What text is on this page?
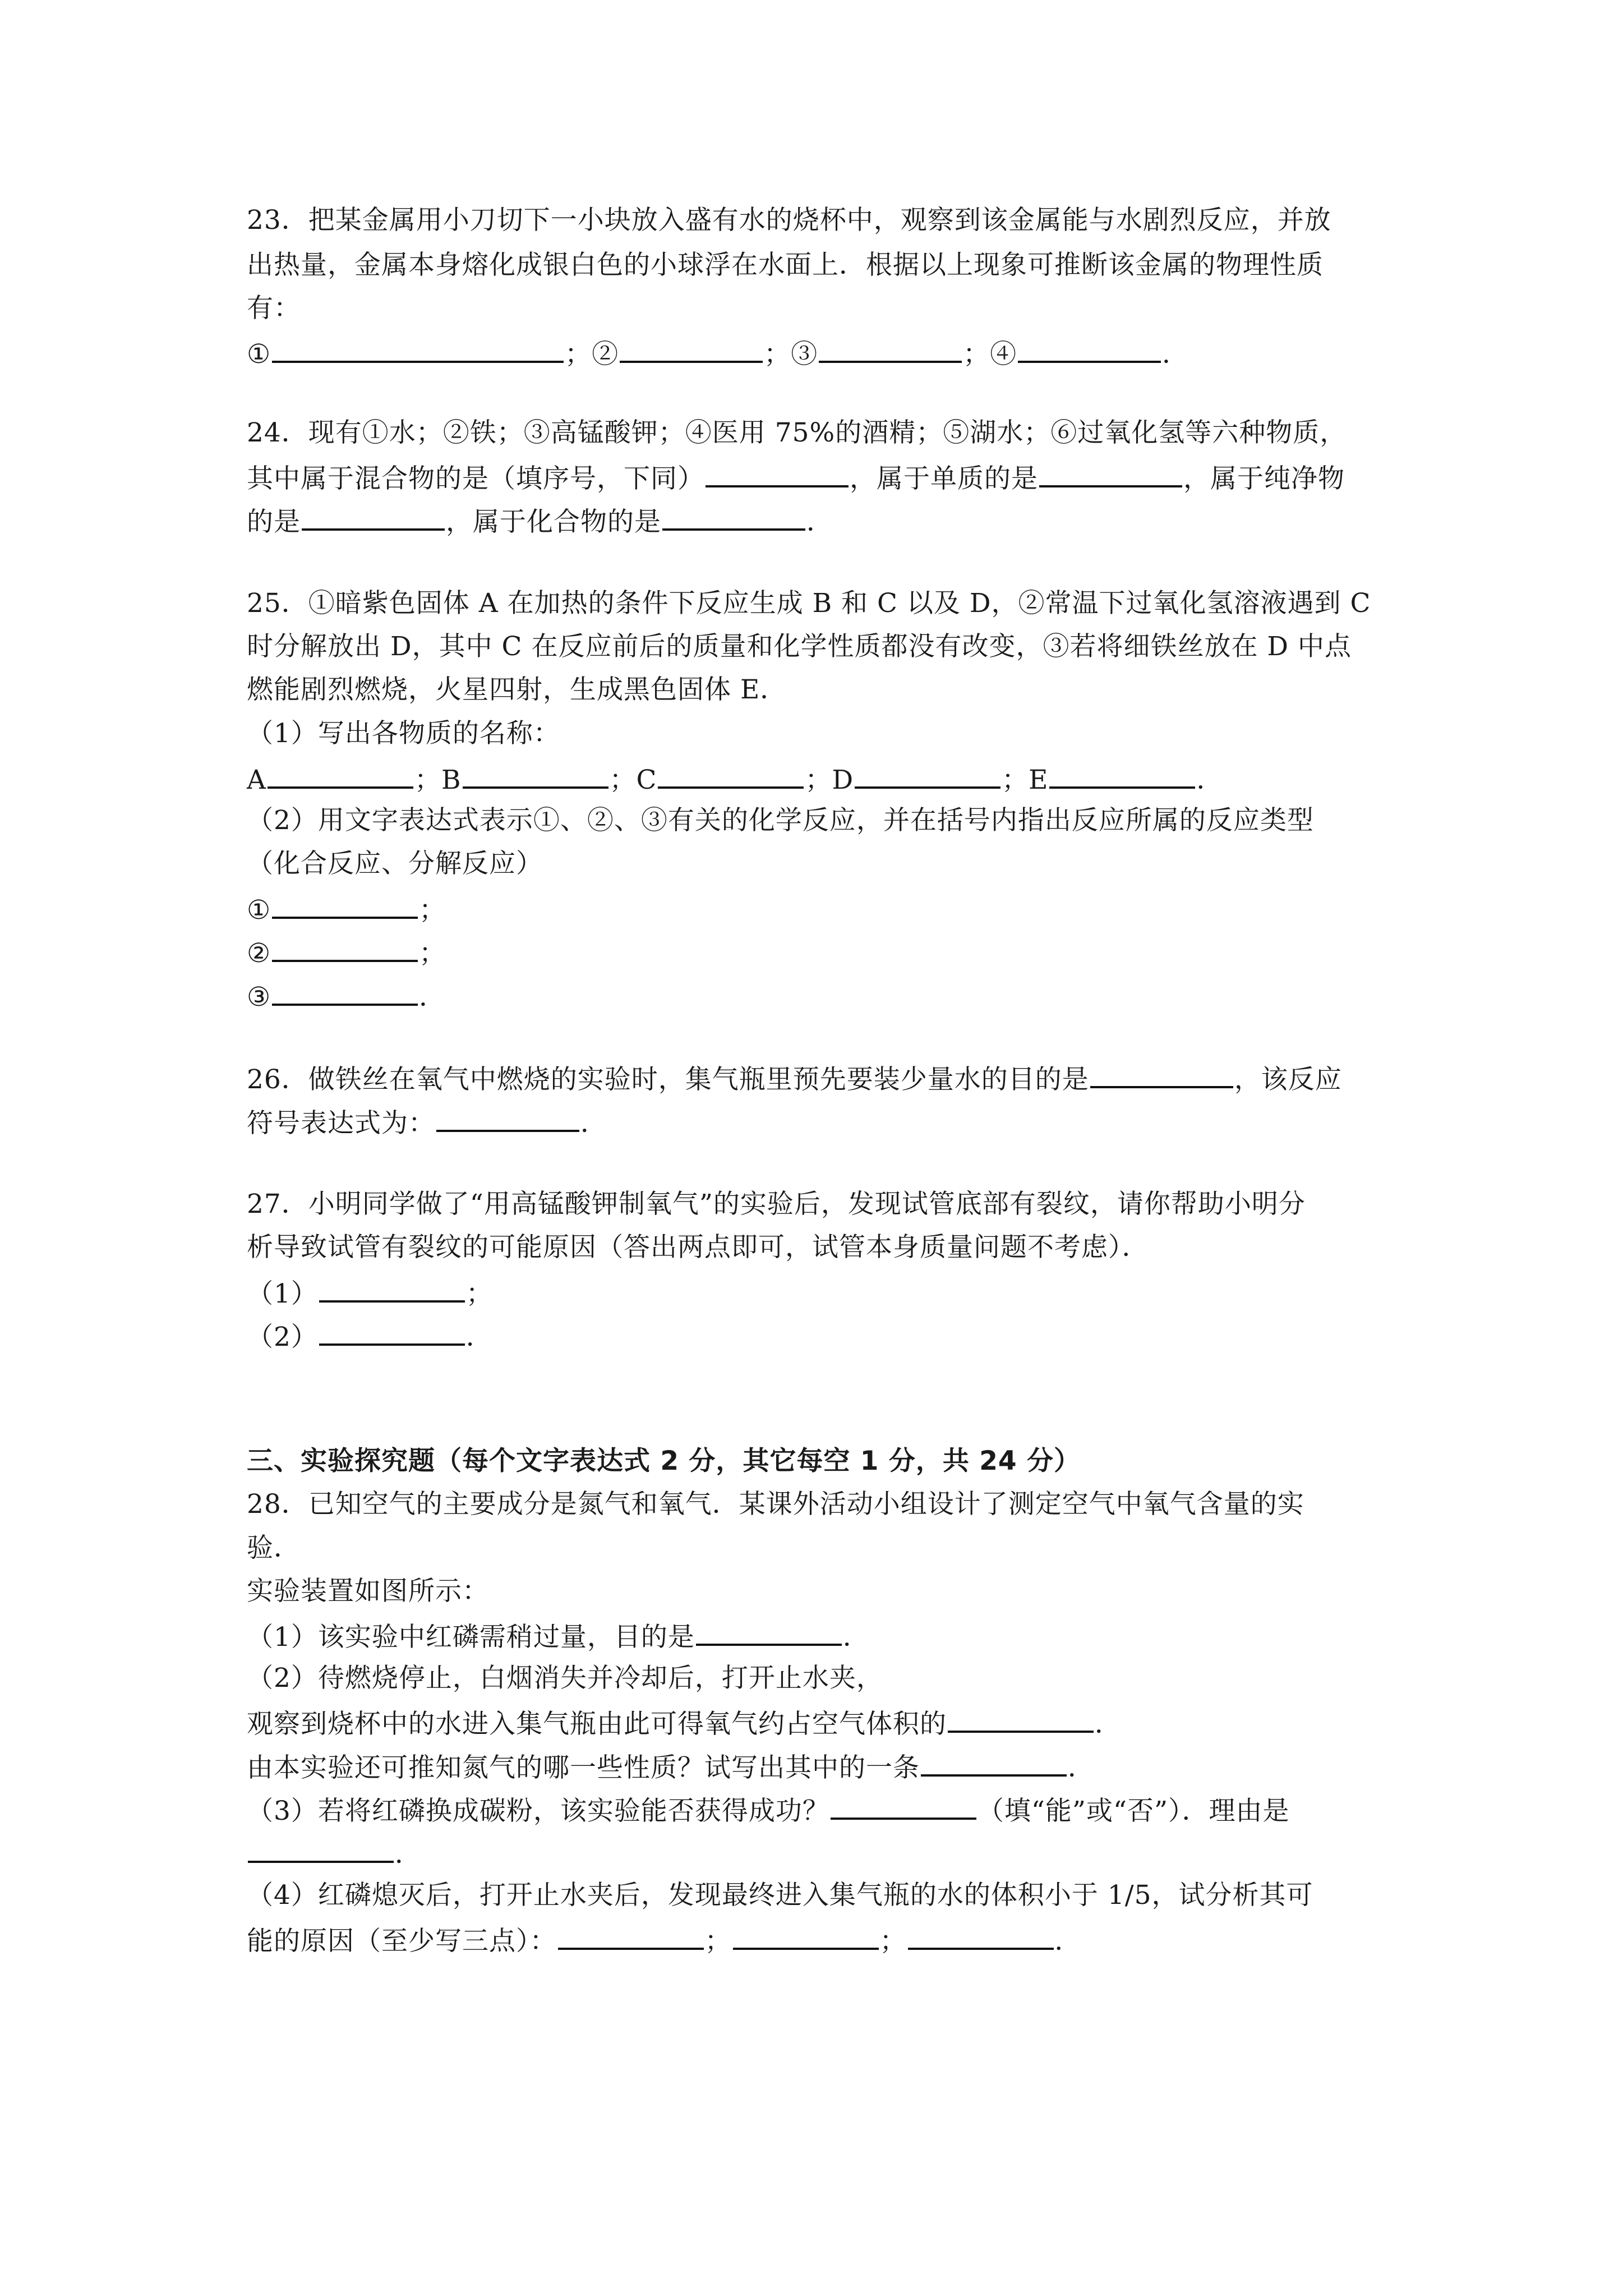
23．把某金属用小刀切下一小块放入盛有水的烧杯中，观察到该金属能与水剧烈反应，并放
出热量，金属本身熔化成银白色的小球浮在水面上．根据以上现象可推断该金属的物理性质
有：
①	；②	；③	；④	．
24．现有①水；②铁；③高锰酸钾；④医用 75%的酒精；⑤湖水；⑥过氧化氢等六种物质，
其中属于混合物的是（填序号，下同）	，属于单质的是	，属于纯净物
的是	，属于化合物的是	．
25．①暗紫色固体 A 在加热的条件下反应生成 B 和 C 以及 D，②常温下过氧化氢溶液遇到 C
时分解放出 D，其中 C 在反应前后的质量和化学性质都没有改变，③若将细铁丝放在 D 中点
燃能剧烈燃烧，火星四射，生成黑色固体 E．
（1）写出各物质的名称：
A	；B	；C	；D	；E	．
（2）用文字表达式表示①、②、③有关的化学反应，并在括号内指出反应所属的反应类型
（化合反应、分解反应）
①	；
②	；
③	．
26．做铁丝在氧气中燃烧的实验时，集气瓶里预先要装少量水的目的是	，该反应
符号表达式为：	．
27．小明同学做了“用高锰酸钾制氧气”的实验后，发现试管底部有裂纹，请你帮助小明分
析导致试管有裂纹的可能原因（答出两点即可，试管本身质量问题不考虑）．
（1）	；
（2）	．
三、实验探究题（每个文字表达式 2 分，其它每空 1 分，共 24 分）
28．已知空气的主要成分是氮气和氧气．某课外活动小组设计了测定空气中氧气含量的实
验．
实验装置如图所示：
（1）该实验中红磷需稍过量，目的是	．
（2）待燃烧停止，白烟消失并冷却后，打开止水夹，
观察到烧杯中的水进入集气瓶由此可得氧气约占空气体积的	．
由本实验还可推知氮气的哪一些性质？试写出其中的一条	．
（3）若将红磷换成碳粉，该实验能否获得成功？	（填“能”或“否”）．理由是
．
（4）红磷熄灭后，打开止水夹后，发现最终进入集气瓶的水的体积小于 1/5，试分析其可
能的原因（至少写三点）：	；	；	．
